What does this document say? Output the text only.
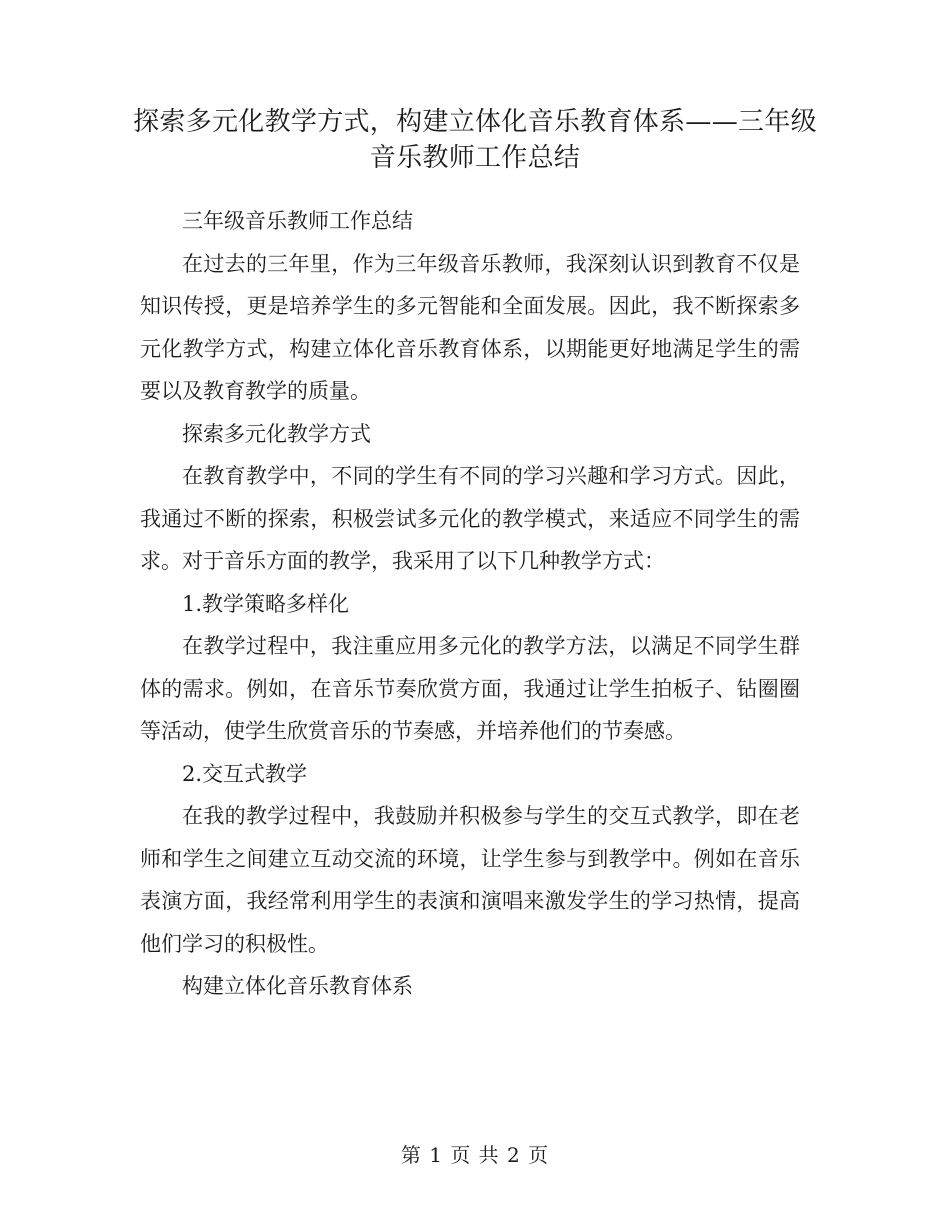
探索多元化教学方式，构建立体化音乐教育体系——三年级音乐教师工作总结

三年级音乐教师工作总结

在过去的三年里，作为三年级音乐教师，我深刻认识到教育不仅是知识传授，更是培养学生的多元智能和全面发展。因此，我不断探索多元化教学方式，构建立体化音乐教育体系，以期能更好地满足学生的需要以及教育教学的质量。

探索多元化教学方式

在教育教学中，不同的学生有不同的学习兴趣和学习方式。因此，我通过不断的探索，积极尝试多元化的教学模式，来适应不同学生的需求。对于音乐方面的教学，我采用了以下几种教学方式：

1.教学策略多样化

在教学过程中，我注重应用多元化的教学方法，以满足不同学生群体的需求。例如，在音乐节奏欣赏方面，我通过让学生拍板子、钻圈圈等活动，使学生欣赏音乐的节奏感，并培养他们的节奏感。

2.交互式教学

在我的教学过程中，我鼓励并积极参与学生的交互式教学，即在老师和学生之间建立互动交流的环境，让学生参与到教学中。例如在音乐表演方面，我经常利用学生的表演和演唱来激发学生的学习热情，提高他们学习的积极性。

构建立体化音乐教育体系

第 1 页 共 2 页
